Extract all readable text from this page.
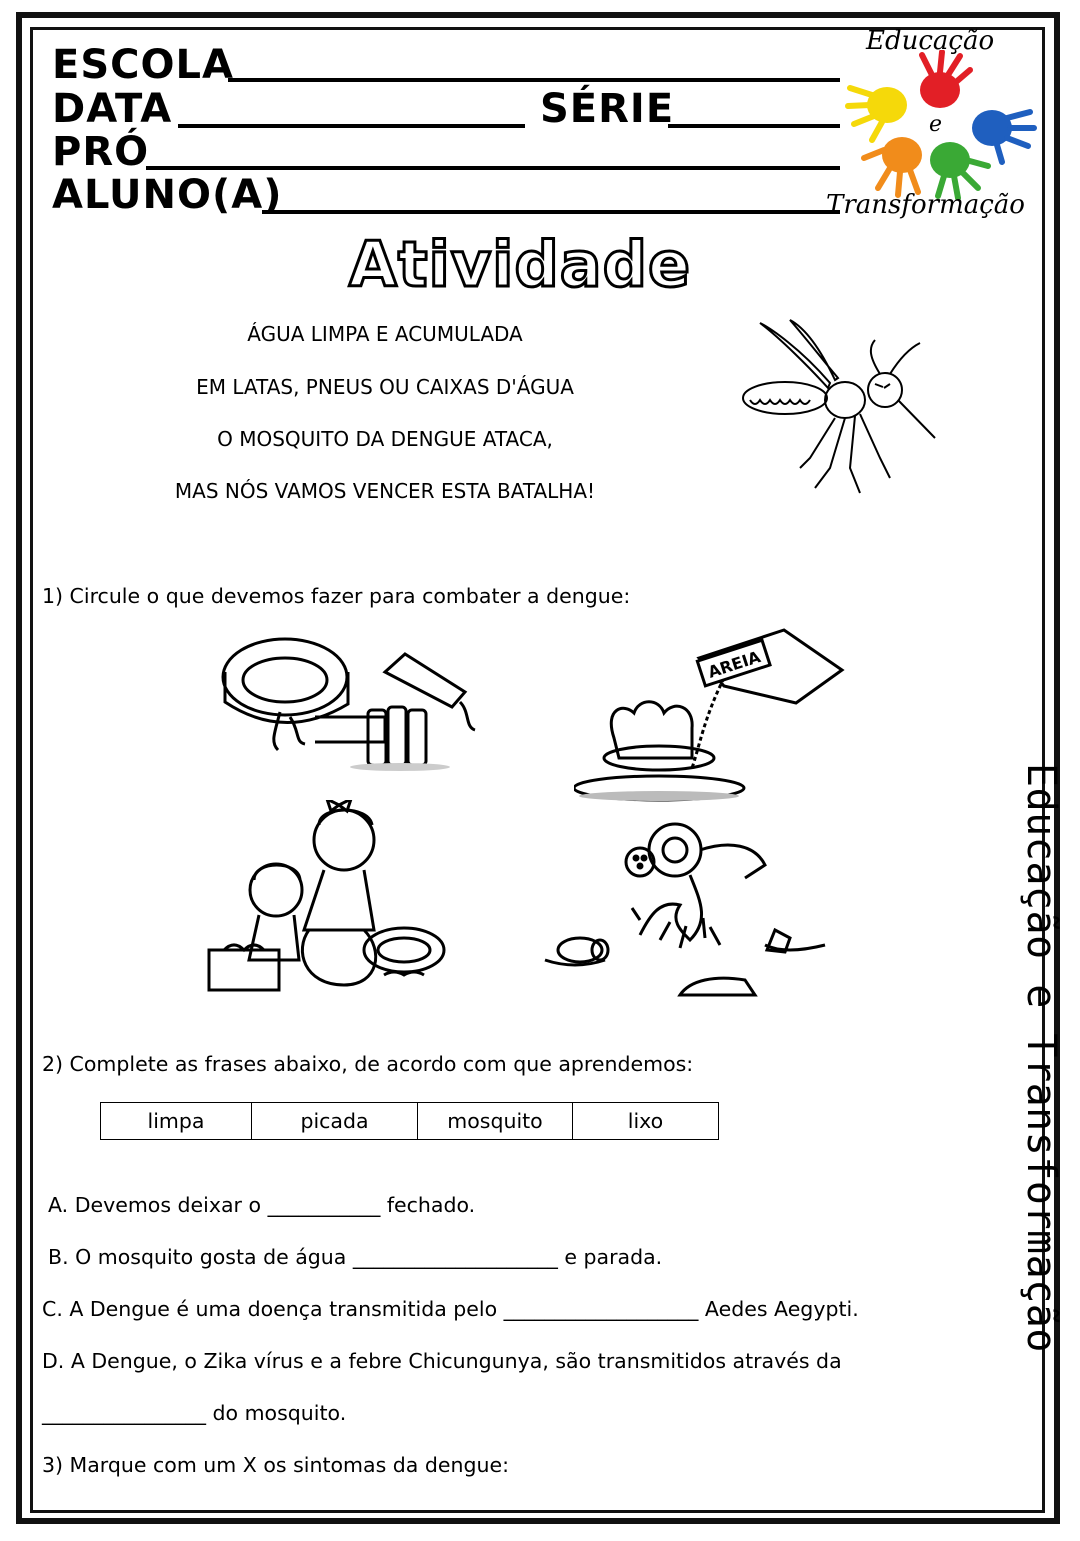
ESCOLA
DATA	SÉRIE
PRÓ
ALUNO(A)
Educação
e
Transformação
Atividade
ÁGUA LIMPA E ACUMULADA
EM LATAS, PNEUS OU CAIXAS D'ÁGUA
O MOSQUITO DA DENGUE ATACA,
MAS NÓS VAMOS VENCER ESTA BATALHA!
1) Circule o que devemos fazer para combater a dengue:
AREIA
2) Complete as frases abaixo, de acordo com que aprendemos:
limpa	picada	mosquito	lixo
A. Devemos deixar o ___________ fechado.
B. O mosquito gosta de água ____________________ e parada.
C. A Dengue é uma doença transmitida pelo ___________________ Aedes Aegypti.
D. A Dengue, o Zika vírus e a febre Chicungunya, são transmitidos através da
________________ do mosquito.
3) Marque com um X os sintomas da dengue:
Educação e Transformação
